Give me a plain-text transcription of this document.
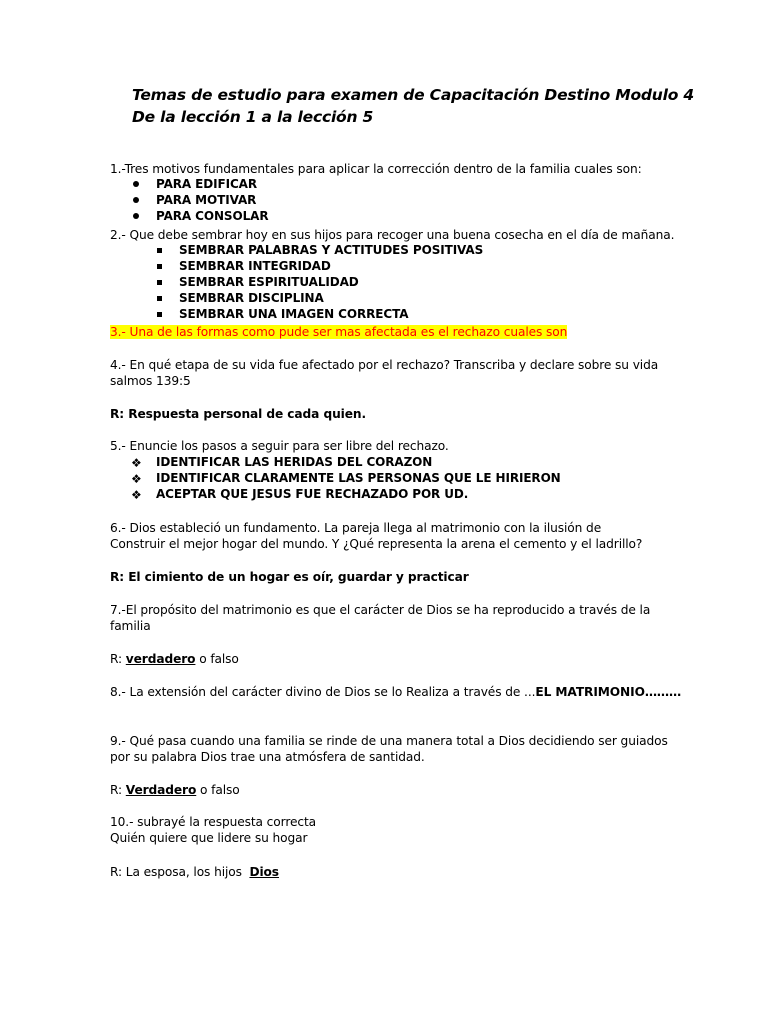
Temas de estudio para examen de Capacitación Destino Modulo 4
De la lección 1 a la lección 5
1.-Tres motivos fundamentales para aplicar la corrección dentro de la familia cuales son:
PARA EDIFICAR
PARA MOTIVAR
PARA CONSOLAR
2.- Que debe sembrar hoy en sus hijos para recoger una buena cosecha en el día de mañana.
SEMBRAR PALABRAS Y ACTITUDES POSITIVAS
SEMBRAR INTEGRIDAD
SEMBRAR ESPIRITUALIDAD
SEMBRAR DISCIPLINA
SEMBRAR UNA IMAGEN CORRECTA
3.- Una de las formas como pude ser mas afectada es el rechazo cuales son
4.- En qué etapa de su vida fue afectado por el rechazo? Transcriba y declare sobre su vida
salmos 139:5
R: Respuesta personal de cada quien.
5.- Enuncie los pasos a seguir para ser libre del rechazo.
❖ IDENTIFICAR LAS HERIDAS DEL CORAZON
❖ IDENTIFICAR CLARAMENTE LAS PERSONAS QUE LE HIRIERON
❖ ACEPTAR QUE JESUS FUE RECHAZADO POR UD.
6.- Dios estableció un fundamento. La pareja llega al matrimonio con la ilusión de
Construir el mejor hogar del mundo. Y ¿Qué representa la arena el cemento y el ladrillo?
R: El cimiento de un hogar es oír, guardar y practicar
7.-El propósito del matrimonio es que el carácter de Dios se ha reproducido a través de la
familia
R: verdadero o falso
8.- La extensión del carácter divino de Dios se lo Realiza a través de ...EL MATRIMONIO………
9.- Qué pasa cuando una familia se rinde de una manera total a Dios decidiendo ser guiados
por su palabra Dios trae una atmósfera de santidad.
R: Verdadero o falso
10.- subrayé la respuesta correcta
Quién quiere que lidere su hogar
R: La esposa, los hijos  Dios
